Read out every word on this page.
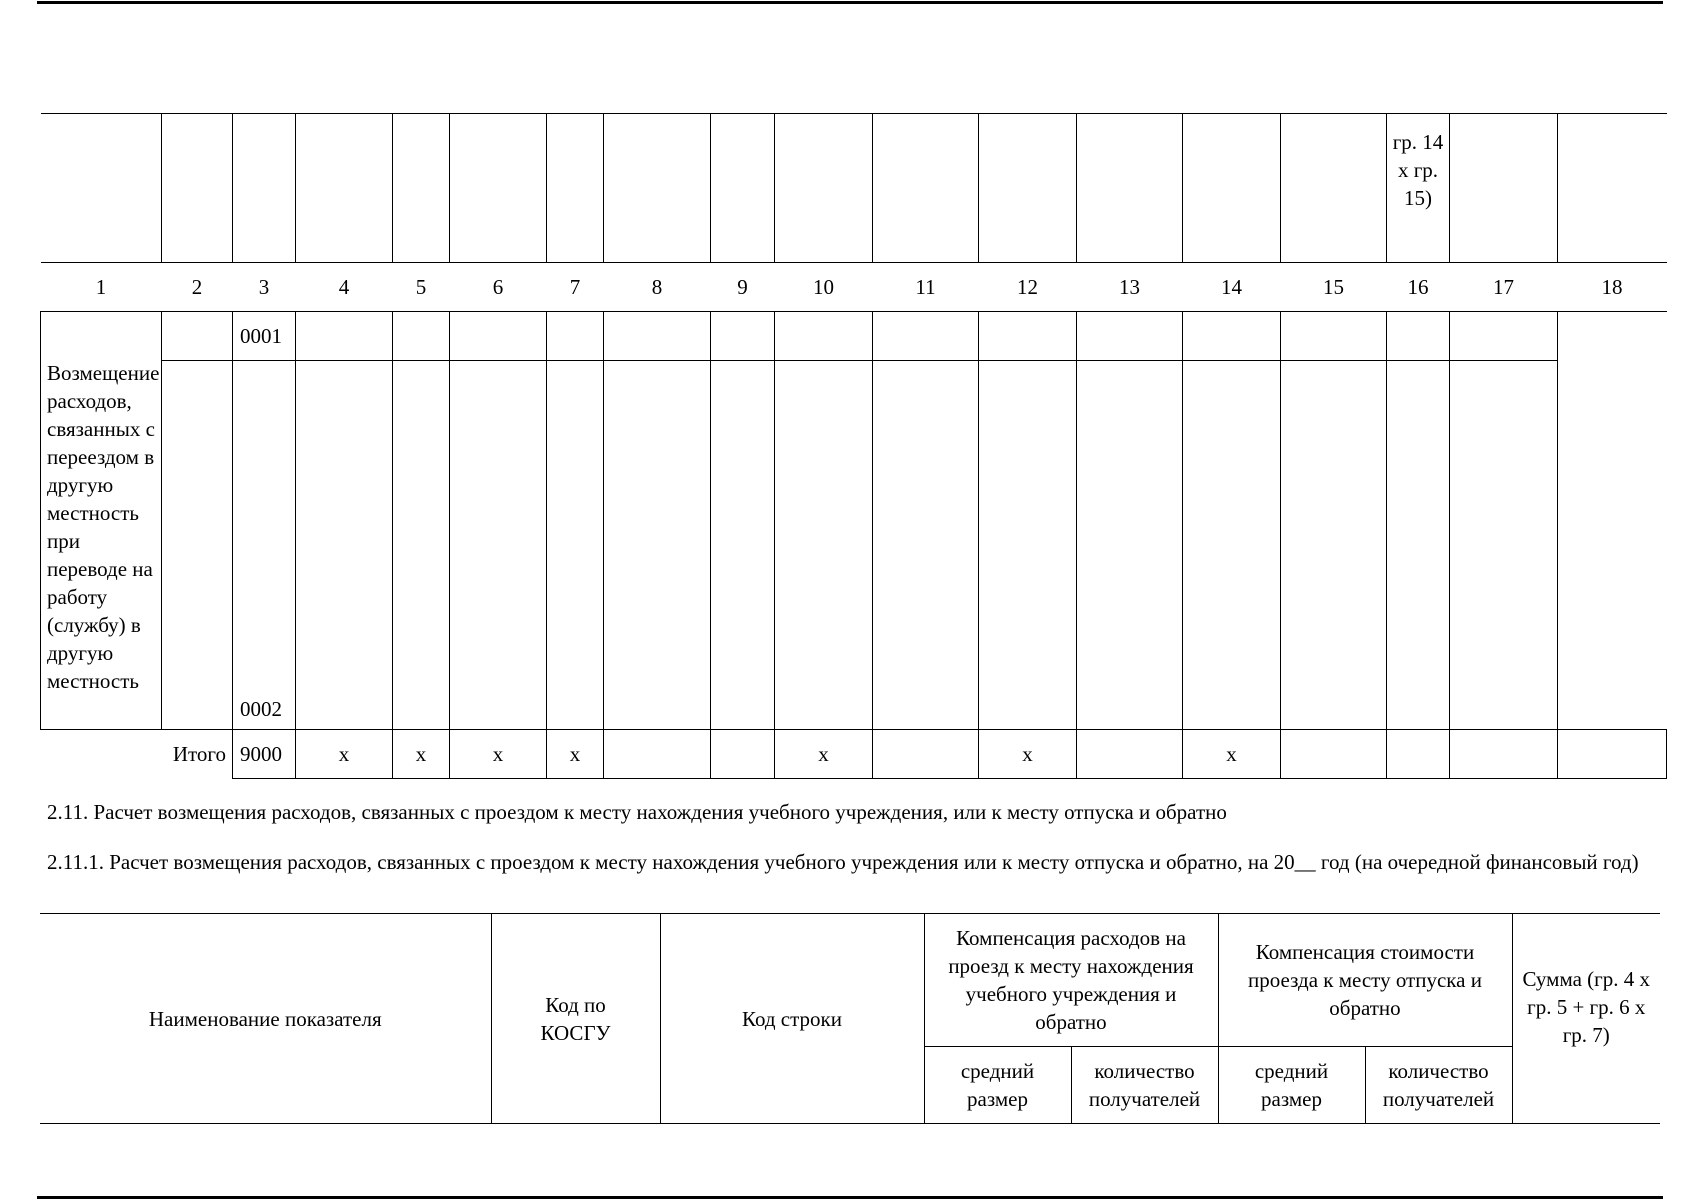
															гр. 14 х гр. 15)		
1	2	3	4	5	6	7	8	9	10	11	12	13	14	15	16	17	18
Возмещение расходов, связанных с переездом в другую местность при переводе на работу (службу) в другую местность		0001															
		0002															
Итого		9000	х	х	х	х			х		х		х				
2.11. Расчет возмещения расходов, связанных с проездом к месту нахождения учебного учреждения, или к месту отпуска и обратно
2.11.1. Расчет возмещения расходов, связанных с проездом к месту нахождения учебного учреждения или к месту отпуска и обратно, на 20__ год (на очередной финансовый год)
Наименование показателя	Код по КОСГУ	Код строки	Компенсация расходов на проезд к месту нахождения учебного учреждения и обратно		Компенсация стоимости проезда к месту отпуска и обратно		Сумма (гр. 4 х гр. 5 + гр. 6 х гр. 7)
			средний размер	количество получателей	средний размер	количество получателей	
